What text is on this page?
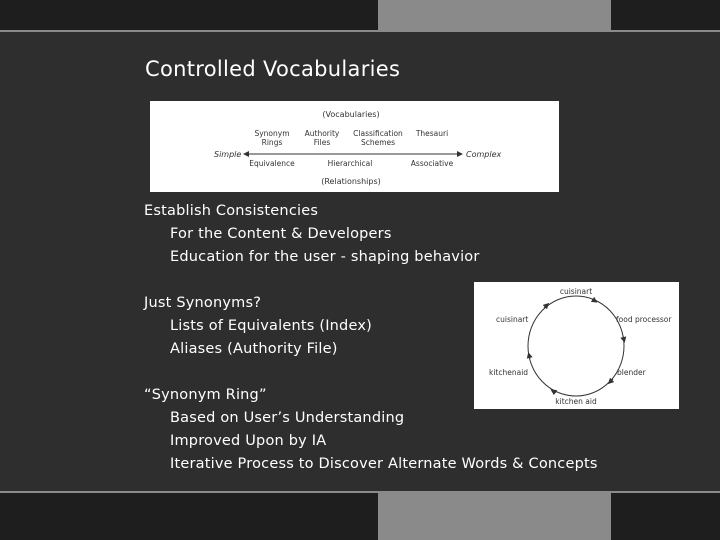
Controlled Vocabularies
(Vocabularies)
Synonym
Rings
Authority
Files
Classification
Schemes
Thesauri
Simple	Complex
Equivalence	Hierarchical	Associative
(Relationships)
cuisinart
food processor
blender
kitchen aid
kitchenaid
cuisinart
Establish Consistencies
For the Content & Developers
Education for the user - shaping behavior
Just Synonyms?
Lists of Equivalents (Index)
Aliases (Authority File)
“Synonym Ring”
Based on User’s Understanding
Improved Upon by IA
Iterative Process to Discover Alternate Words & Concepts
